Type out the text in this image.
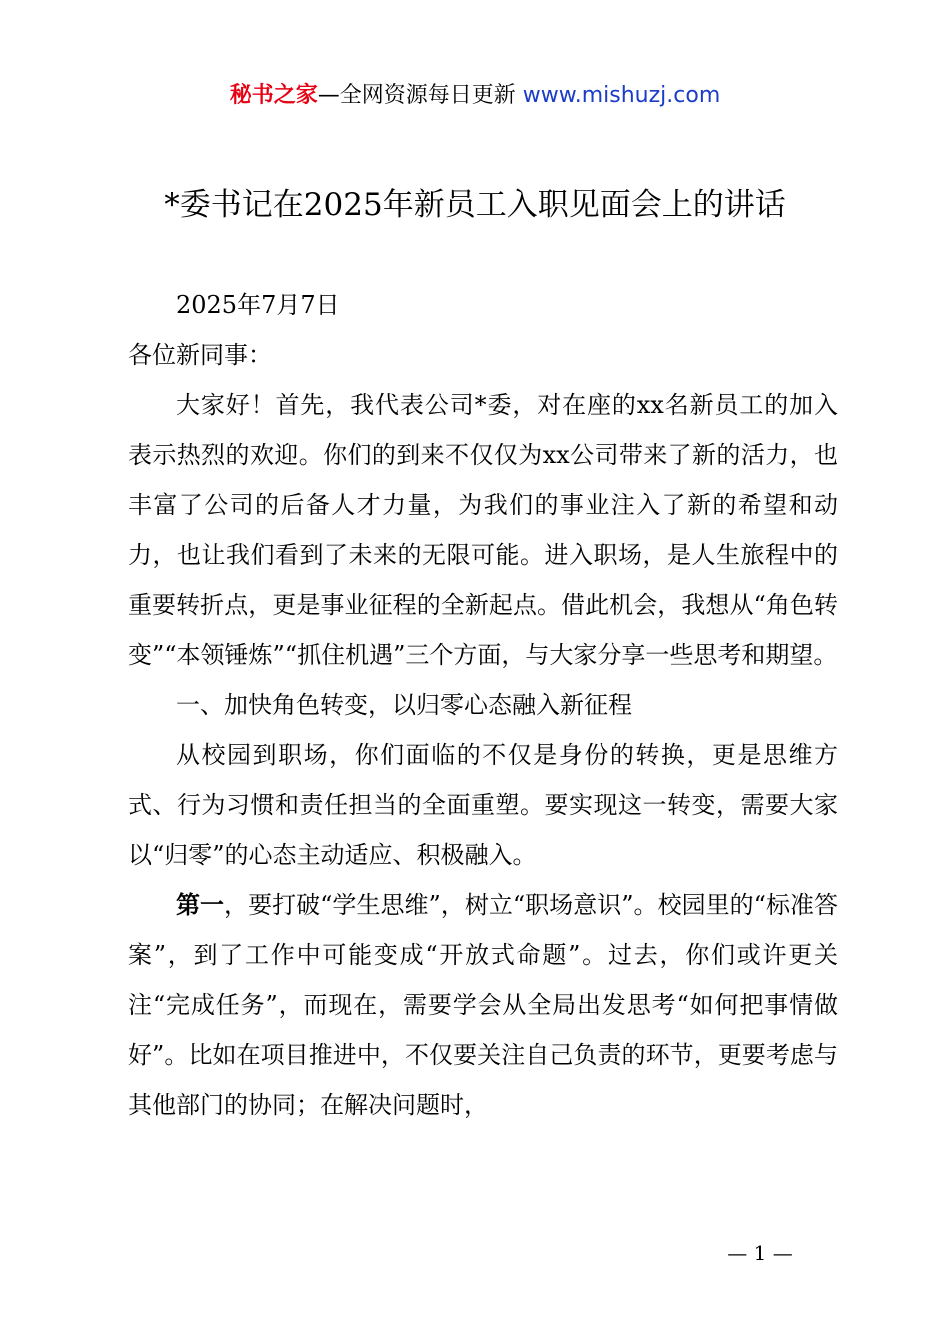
秘书之家—全网资源每日更新 www.mishuzj.com
*委书记在2025年新员工入职见面会上的讲话

2025年7月7日

各位新同事：

大家好！首先，我代表公司*委，对在座的xx名新员工的加入表示热烈的欢迎。你们的到来不仅仅为xx公司带来了新的活力，也丰富了公司的后备人才力量，为我们的事业注入了新的希望和动力，也让我们看到了未来的无限可能。进入职场，是人生旅程中的重要转折点，更是事业征程的全新起点。借此机会，我想从“角色转变”“本领锤炼”“抓住机遇”三个方面，与大家分享一些思考和期望。

一、加快角色转变，以归零心态融入新征程

从校园到职场，你们面临的不仅是身份的转换，更是思维方式、行为习惯和责任担当的全面重塑。要实现这一转变，需要大家以“归零”的心态主动适应、积极融入。

第一，要打破“学生思维”，树立“职场意识”。校园里的“标准答案”，到了工作中可能变成“开放式命题”。过去，你们或许更关注“完成任务”，而现在，需要学会从全局出发思考“如何把事情做好”。比如在项目推进中，不仅要关注自己负责的环节，更要考虑与其他部门的协同；在解决问题时，

— 1 —
